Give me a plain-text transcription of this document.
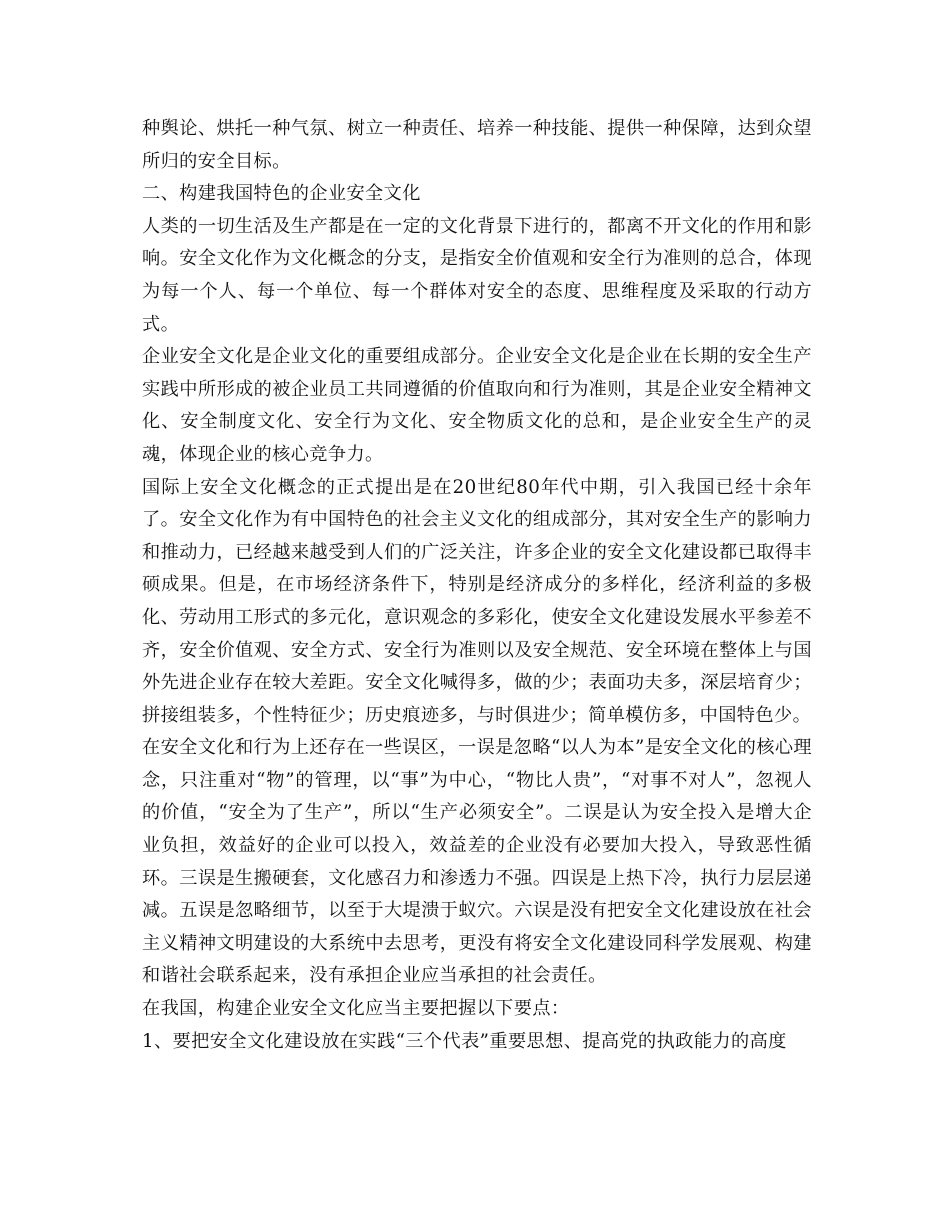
种舆论、烘托一种气氛、树立一种责任、培养一种技能、提供一种保障，达到众望所归的安全目标。

二、构建我国特色的企业安全文化

人类的一切生活及生产都是在一定的文化背景下进行的，都离不开文化的作用和影响。安全文化作为文化概念的分支，是指安全价值观和安全行为准则的总合，体现为每一个人、每一个单位、每一个群体对安全的态度、思维程度及采取的行动方式。

企业安全文化是企业文化的重要组成部分。企业安全文化是企业在长期的安全生产实践中所形成的被企业员工共同遵循的价值取向和行为准则，其是企业安全精神文化、安全制度文化、安全行为文化、安全物质文化的总和，是企业安全生产的灵魂，体现企业的核心竞争力。

国际上安全文化概念的正式提出是在20世纪80年代中期，引入我国已经十余年了。安全文化作为有中国特色的社会主义文化的组成部分，其对安全生产的影响力和推动力，已经越来越受到人们的广泛关注，许多企业的安全文化建设都已取得丰硕成果。但是，在市场经济条件下，特别是经济成分的多样化，经济利益的多极化、劳动用工形式的多元化，意识观念的多彩化，使安全文化建设发展水平参差不齐，安全价值观、安全方式、安全行为准则以及安全规范、安全环境在整体上与国外先进企业存在较大差距。安全文化喊得多，做的少；表面功夫多，深层培育少；拼接组装多，个性特征少；历史痕迹多，与时俱进少；简单模仿多，中国特色少。

在安全文化和行为上还存在一些误区，一误是忽略“以人为本”是安全文化的核心理念，只注重对“物”的管理，以“事”为中心，“物比人贵”，“对事不对人”，忽视人的价值，“安全为了生产”，所以“生产必须安全”。二误是认为安全投入是增大企业负担，效益好的企业可以投入，效益差的企业没有必要加大投入，导致恶性循环。三误是生搬硬套，文化感召力和渗透力不强。四误是上热下冷，执行力层层递减。五误是忽略细节，以至于大堤溃于蚁穴。六误是没有把安全文化建设放在社会主义精神文明建设的大系统中去思考，更没有将安全文化建设同科学发展观、构建和谐社会联系起来，没有承担企业应当承担的社会责任。

在我国，构建企业安全文化应当主要把握以下要点：

1、要把安全文化建设放在实践“三个代表”重要思想、提高党的执政能力的高度
